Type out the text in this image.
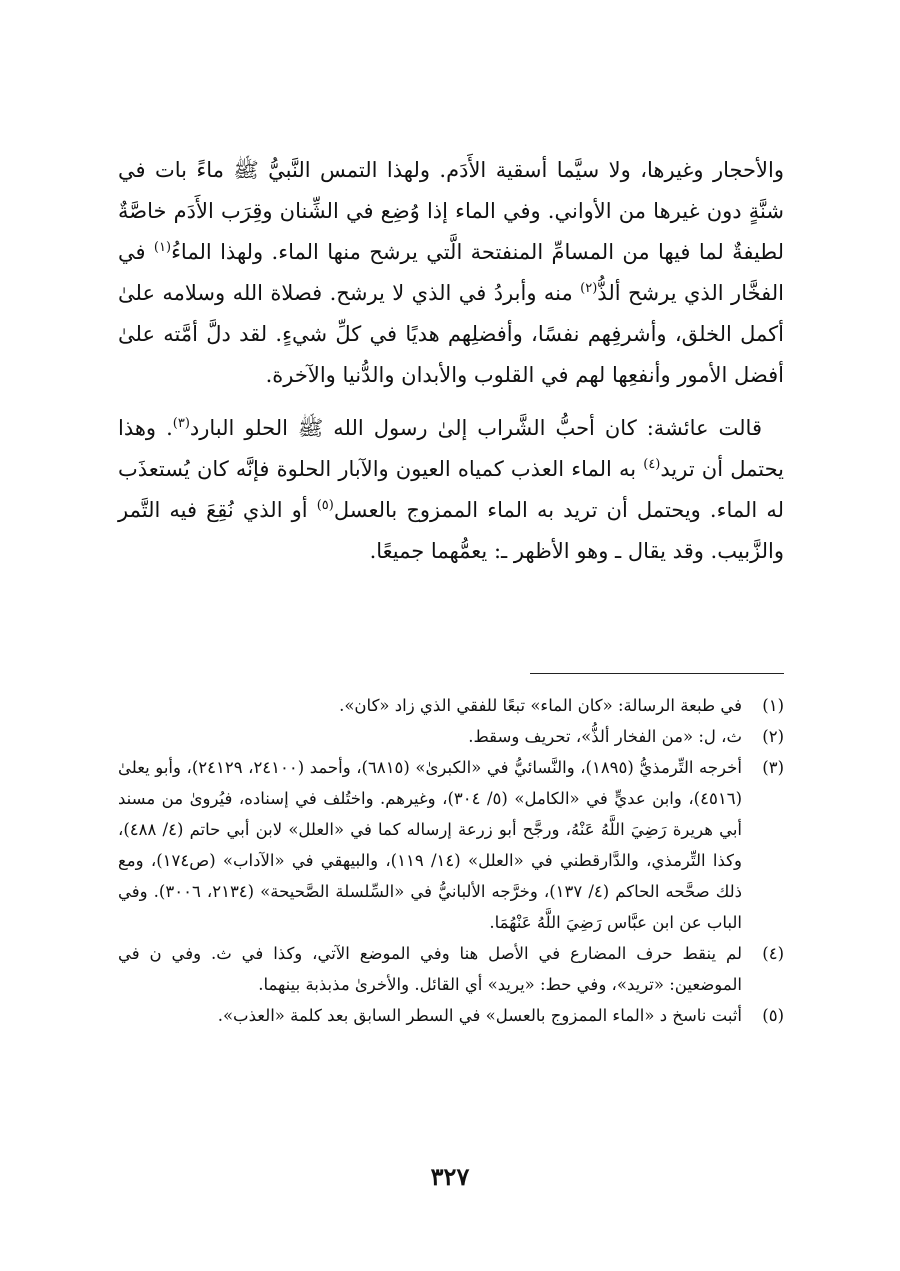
والأحجار وغيرها، ولا سيَّما أسقية الأَدَم. ولهذا التمس النَّبيُّ ﷺ ماءً بات في شنَّةٍ دون غيرها من الأواني. وفي الماء إذا وُضِع في الشِّنان وقِرَب الأَدَم خاصَّةٌ لطيفةٌ لما فيها من المسامِّ المنفتحة الَّتي يرشح منها الماء. ولهذا الماءُ$^{(١)}$ في الفخَّار الذي يرشح ألذُّ$^{(٢)}$ منه وأبردُ في الذي لا يرشح. فصلاة الله وسلامه علىٰ أكمل الخلق، وأشرفِهم نفسًا، وأفضلِهم هديًا في كلِّ شيءٍ. لقد دلَّ أمَّته علىٰ أفضل الأمور وأنفعِها لهم في القلوب والأبدان والدُّنيا والآخرة.

قالت عائشة: كان أحبُّ الشَّراب إلىٰ رسول الله ﷺ الحلو البارد$^{(٣)}$. وهذا يحتمل أن تريد$^{(٤)}$ به الماء العذب كمياه العيون والآبار الحلوة فإنَّه كان يُستعذَب له الماء. ويحتمل أن تريد به الماء الممزوج بالعسل$^{(٥)}$ أو الذي نُقِعَ فيه التَّمر والزَّبيب. وقد يقال ـ وهو الأظهر ـ: يعمُّهما جميعًا.

(١)
في طبعة الرسالة: «كان الماء» تبعًا للفقي الذي زاد «كان».
(٢)
ث، ل: «من الفخار ألذُّ»، تحريف وسقط.
(٣)
أخرجه التِّرمذيُّ (١٨٩٥)، والنَّسائيُّ في «الكبرىٰ» (٦٨١٥)، وأحمد (٢٤١٠٠، ٢٤١٢٩)، وأبو يعلىٰ (٤٥١٦)، وابن عديٍّ في «الكامل» (٥/ ٣٠٤)، وغيرهم. واختُلف في إسناده، فيُروىٰ من مسند أبي هريرة رَضِيَ اللَّهُ عَنْهُ، ورجَّح أبو زرعة إرساله كما في «العلل» لابن أبي حاتم (٤/ ٤٨٨)، وكذا التِّرمذي، والدَّارقطني في «العلل» (١٤/ ١١٩)، والبيهقي في «الآداب» (ص١٧٤)، ومع ذلك صحَّحه الحاكم (٤/ ١٣٧)، وخرَّجه الألبانيُّ في «السِّلسلة الصَّحيحة» (٢١٣٤، ٣٠٠٦). وفي الباب عن ابن عبَّاس رَضِيَ اللَّهُ عَنْهُمَا.
(٤)
لم ينقط حرف المضارع في الأصل هنا وفي الموضع الآتي، وكذا في ث. وفي ن في الموضعين: «تريد»، وفي حط: «يريد» أي القائل. والأخرىٰ مذبذبة بينهما.
(٥)
أثبت ناسخ د «الماء الممزوج بالعسل» في السطر السابق بعد كلمة «العذب».
٣٢٧
